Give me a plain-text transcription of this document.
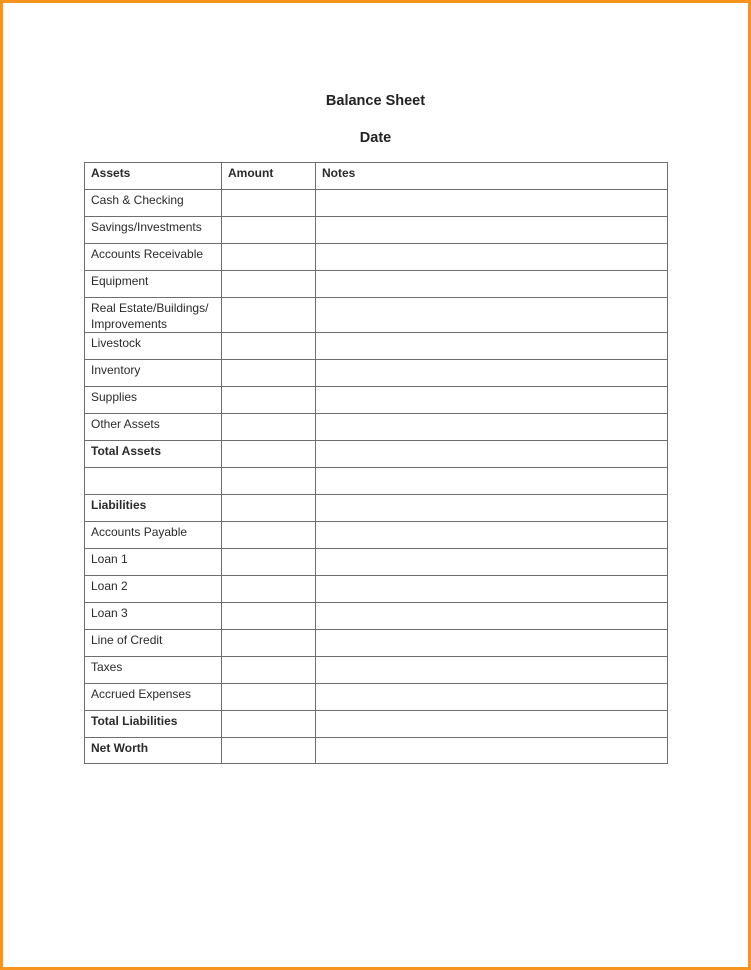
Balance Sheet
Date
Assets	Amount	Notes
Cash & Checking		
Savings/Investments		
Accounts Receivable		
Equipment		
Real Estate/Buildings/ Improvements		
Livestock		
Inventory		
Supplies		
Other Assets		
Total Assets		

Liabilities		
Accounts Payable		
Loan 1		
Loan 2		
Loan 3		
Line of Credit		
Taxes		
Accrued Expenses		
Total Liabilities		
Net Worth		
